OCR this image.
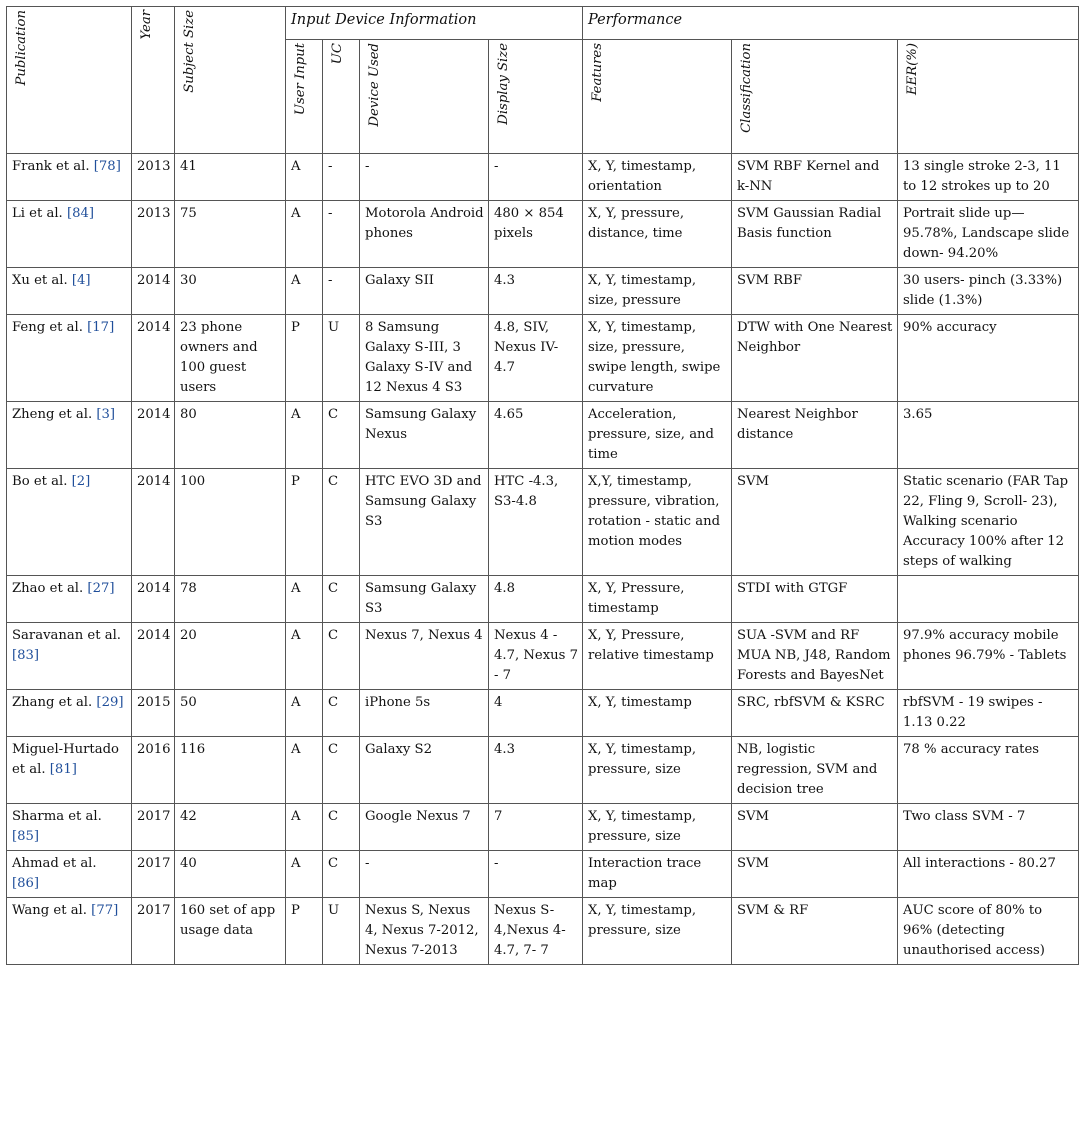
Publication	Year	Subject Size	Input Device Information				Performance		
			User Input	UC	Device Used	Display Size	Features	Classification	EER(%)
Frank et al. [78]	2013	41	A	-	-	-	X, Y, timestamp, orientation	SVM RBF Kernel and k-NN	13 single stroke 2-3, 11 to 12 strokes up to 20
Li et al. [84]	2013	75	A	-	Motorola Android phones	480 × 854 pixels	X, Y, pressure, distance, time	SVM Gaussian Radial Basis function	Portrait slide up—95.78%, Landscape slide down- 94.20%
Xu et al. [4]	2014	30	A	-	Galaxy SII	4.3	X, Y, timestamp, size, pressure	SVM RBF	30 users- pinch (3.33%) slide (1.3%)
Feng et al. [17]	2014	23 phone owners and 100 guest users	P	U	8 Samsung Galaxy S-III, 3 Galaxy S-IV and 12 Nexus 4 S3	4.8, SIV, Nexus IV- 4.7	X, Y, timestamp, size, pressure, swipe length, swipe curvature	DTW with One Nearest Neighbor	90% accuracy
Zheng et al. [3]	2014	80	A	C	Samsung Galaxy Nexus	4.65	Acceleration, pressure, size, and time	Nearest Neighbor distance	3.65
Bo et al. [2]	2014	100	P	C	HTC EVO 3D and Samsung Galaxy S3	HTC -4.3, S3-4.8	X,Y, timestamp, pressure, vibration, rotation - static and motion modes	SVM	Static scenario (FAR Tap 22, Fling 9, Scroll- 23), Walking scenario Accuracy 100% after 12 steps of walking
Zhao et al. [27]	2014	78	A	C	Samsung Galaxy S3	4.8	X, Y, Pressure, timestamp	STDI with GTGF	
Saravanan et al. [83]	2014	20	A	C	Nexus 7, Nexus 4	Nexus 4 - 4.7, Nexus 7 - 7	X, Y, Pressure, relative timestamp	SUA -SVM and RF MUA NB, J48, Random Forests and BayesNet	97.9% accuracy mobile phones 96.79% - Tablets
Zhang et al. [29]	2015	50	A	C	iPhone 5s	4	X, Y, timestamp	SRC, rbfSVM & KSRC	rbfSVM - 19 swipes - 1.13 0.22
Miguel-Hurtado et al. [81]	2016	116	A	C	Galaxy S2	4.3	X, Y, timestamp, pressure, size	NB, logistic regression, SVM and decision tree	78 % accuracy rates
Sharma et al. [85]	2017	42	A	C	Google Nexus 7	7	X, Y, timestamp, pressure, size	SVM	Two class SVM - 7
Ahmad et al. [86]	2017	40	A	C	-	-	Interaction trace map	SVM	All interactions - 80.27
Wang et al. [77]	2017	160 set of app usage data	P	U	Nexus S, Nexus 4, Nexus 7-2012, Nexus 7-2013	Nexus S-4,Nexus 4-4.7, 7- 7	X, Y, timestamp, pressure, size	SVM & RF	AUC score of 80% to 96% (detecting unauthorised access)
